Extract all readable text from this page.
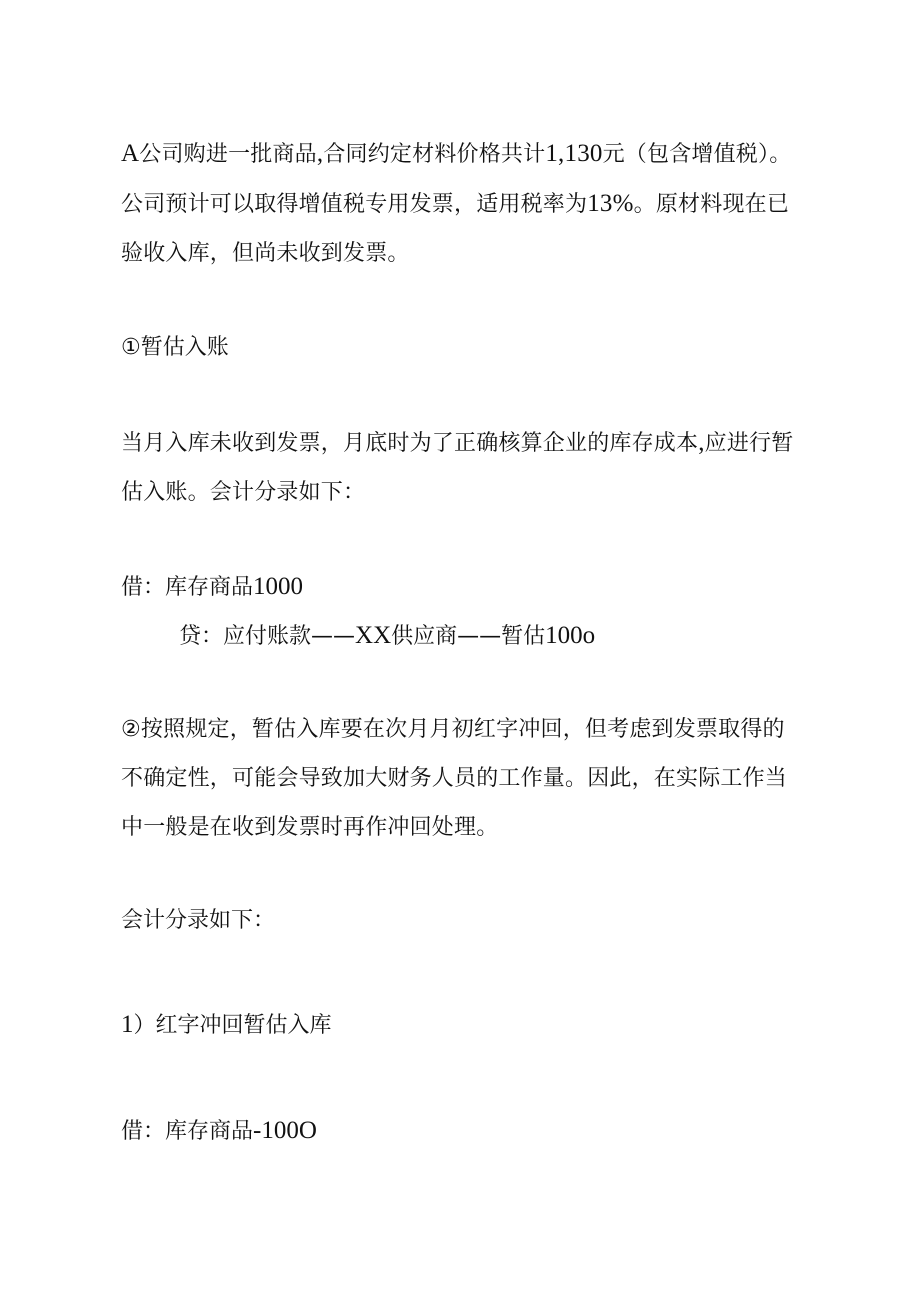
A公司购进一批商品,合同约定材料价格共计1,130元（包含增值税）。公司预计可以取得增值税专用发票，适用税率为13%。原材料现在已验收入库，但尚未收到发票。

①暂估入账

当月入库未收到发票，月底时为了正确核算企业的库存成本,应进行暂估入账。会计分录如下：

借：库存商品1000

贷：应付账款——XX供应商——暂估100o

②按照规定，暂估入库要在次月月初红字冲回，但考虑到发票取得的不确定性，可能会导致加大财务人员的工作量。因此，在实际工作当中一般是在收到发票时再作冲回处理。

会计分录如下：

1）红字冲回暂估入库

借：库存商品-100O
